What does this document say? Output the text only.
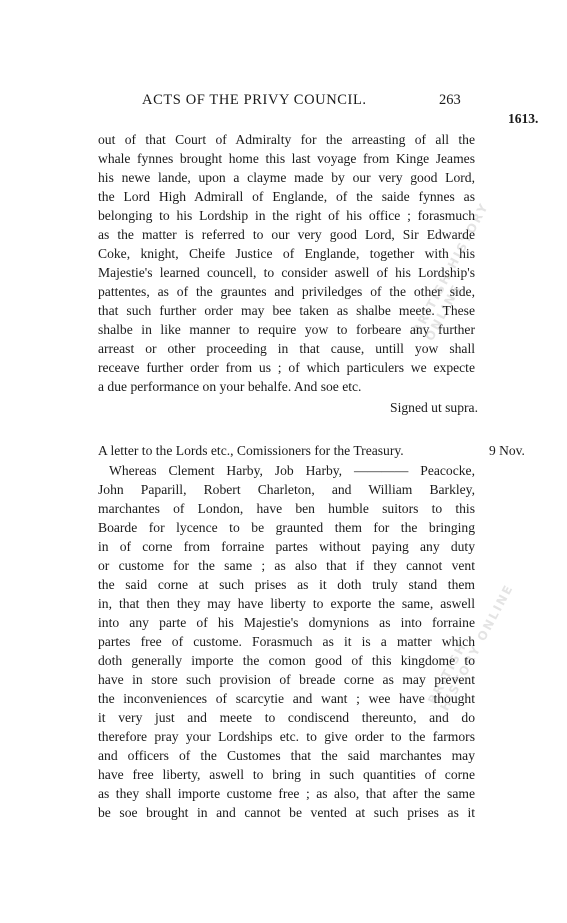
ACTS OF THE PRIVY COUNCIL.	263
1613.
9 Nov.
BRITISH HISTORY ONLINE
BRITISH HISTORY ONLINE
out of that Court of Admiralty for the arreasting of all the
whale fynnes brought home this last voyage from Kinge Jeames
his newe lande, upon a clayme made by our very good Lord,
the Lord High Admirall of Englande, of the saide fynnes as
belonging to his Lordship in the right of his office ; forasmuch
as the matter is referred to our very good Lord, Sir Edwarde
Coke, knight, Cheife Justice of Englande, together with his
Majestie's learned councell, to consider aswell of his Lordship's
pattentes, as of the grauntes and priviledges of the other side,
that such further order may bee taken as shalbe meete. These
shalbe in like manner to require yow to forbeare any further
arreast or other proceeding in that cause, untill yow shall
receave further order from us ; of which particulers we expecte
a due performance on your behalfe. And soe etc.
Signed ut supra.
A letter to the Lords etc., Comissioners for the Treasury.
Whereas Clement Harby, Job Harby, ———— Peacocke,
John Paparill, Robert Charleton, and William Barkley,
marchantes of London, have ben humble suitors to this
Boarde for lycence to be graunted them for the bringing
in of corne from forraine partes without paying any duty
or custome for the same ; as also that if they cannot vent
the said corne at such prises as it doth truly stand them
in, that then they may have liberty to exporte the same, aswell
into any parte of his Majestie's domynions as into forraine
partes free of custome. Forasmuch as it is a matter which
doth generally importe the comon good of this kingdome to
have in store such provision of breade corne as may prevent
the inconveniences of scarcytie and want ; wee have thought
it very just and meete to condiscend thereunto, and do
therefore pray your Lordships etc. to give order to the farmors
and officers of the Customes that the said marchantes may
have free liberty, aswell to bring in such quantities of corne
as they shall importe custome free ; as also, that after the same
be soe brought in and cannot be vented at such prises as it
